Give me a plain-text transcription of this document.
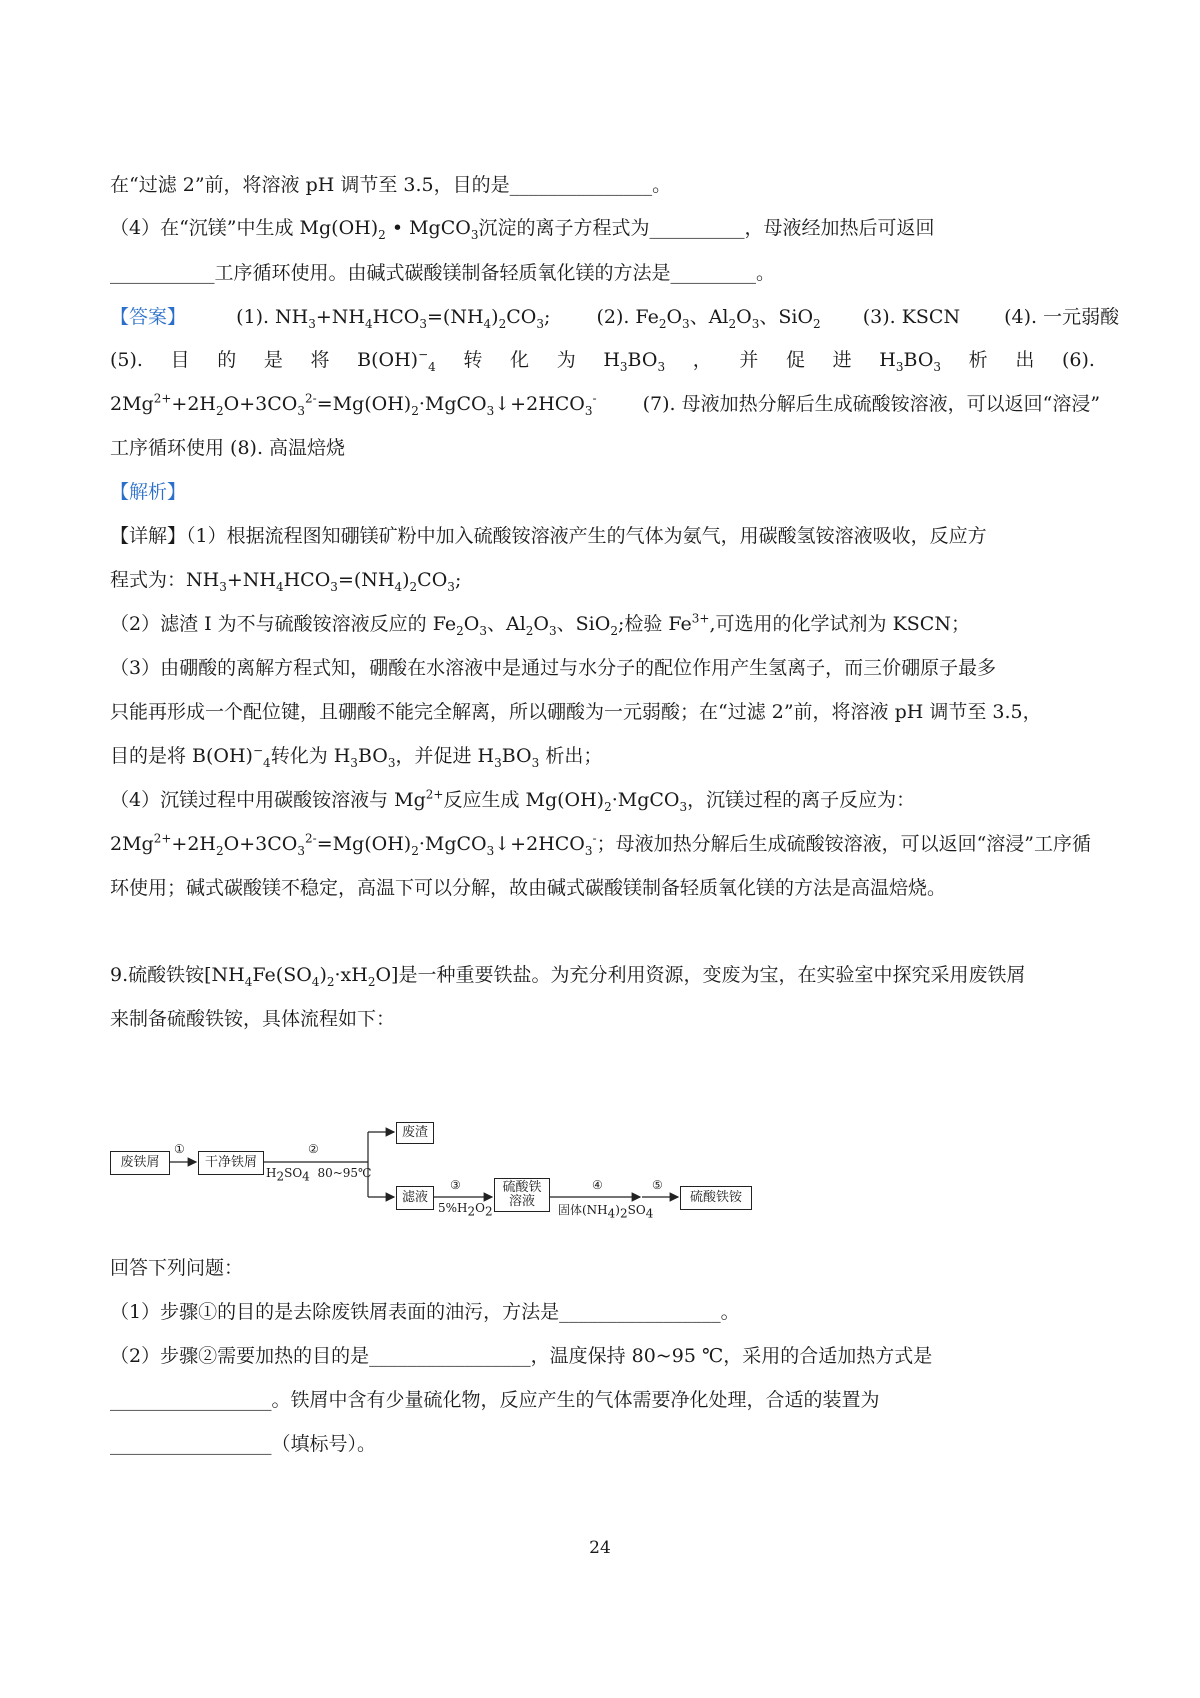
在“过滤 2”前，将溶液 pH 调节至 3.5，目的是_______________。
（4）在“沉镁”中生成 $Mg(OH)_2$ • MgCO$_3$沉淀的离子方程式为__________，母液经加热后可返回
___________工序循环使用。由碱式碳酸镁制备轻质氧化镁的方法是_________。
【答案】	(1). $NH_3+NH_4HCO_3=(NH_4)_2CO_3$; (2). $Fe_2O_3$、$Al_2O_3$、SiO$_2$ (3). KSCN (4). 一元弱酸
(5). 目 的 是 将 $B(OH)^-_4$ 转 化 为 $H_3BO_3$ ， 并 促 进 $H_3BO_3$ 析 出 (6).
$2Mg^{2+}+2H_2O+3CO_3^{2-}=Mg(OH)_2\cdot MgCO_3↓+2HCO_3^-$ (7). 母液加热分解后生成硫酸铵溶液，可以返回“溶浸”
工序循环使用 (8). 高温焙烧
【解析】
【详解】（1）根据流程图知硼镁矿粉中加入硫酸铵溶液产生的气体为氨气，用碳酸氢铵溶液吸收，反应方
程式为：$NH_3+NH_4HCO_3=(NH_4)_2CO_3$;
（2）滤渣 I 为不与硫酸铵溶液反应的 $Fe_2O_3$、$Al_2O_3$、SiO$_2$;检验 $Fe^{3+}$,可选用的化学试剂为 KSCN；
（3）由硼酸的离解方程式知，硼酸在水溶液中是通过与水分子的配位作用产生氢离子，而三价硼原子最多
只能再形成一个配位键，且硼酸不能完全解离，所以硼酸为一元弱酸；在“过滤 2”前，将溶液 pH 调节至 3.5，
目的是将 $B(OH)^-_4$转化为 $H_3BO_3$，并促进 $H_3BO_3$ 析出；
（4）沉镁过程中用碳酸铵溶液与 $Mg^{2+}$反应生成 $Mg(OH)_2\cdot MgCO_3$，沉镁过程的离子反应为：
$2Mg^{2+}+2H_2O+3CO_3^{2-}=Mg(OH)_2\cdot MgCO_3↓+2HCO_3^-$；母液加热分解后生成硫酸铵溶液，可以返回“溶浸”工序循
环使用；碱式碳酸镁不稳定，高温下可以分解，故由碱式碳酸镁制备轻质氧化镁的方法是高温焙烧。
9.硫酸铁铵$[NH_4Fe(SO_4)_2\cdot xH_2O]$是一种重要铁盐。为充分利用资源，变废为宝，在实验室中探究采用废铁屑
来制备硫酸铁铵，具体流程如下：
废铁屑	干净铁屑
废渣
滤液
硫酸铁溶液	硫酸铁铵
①	②
$H_2SO_4$  80~95℃
③
$5\%H_2O_2$
④
固体$(NH_4)_2SO_4$
⑤
回答下列问题：
（1）步骤①的目的是去除废铁屑表面的油污，方法是_________________。
（2）步骤②需要加热的目的是_________________，温度保持 80~95 ℃，采用的合适加热方式是
_________________。铁屑中含有少量硫化物，反应产生的气体需要净化处理，合适的装置为
_________________（填标号）。
24
